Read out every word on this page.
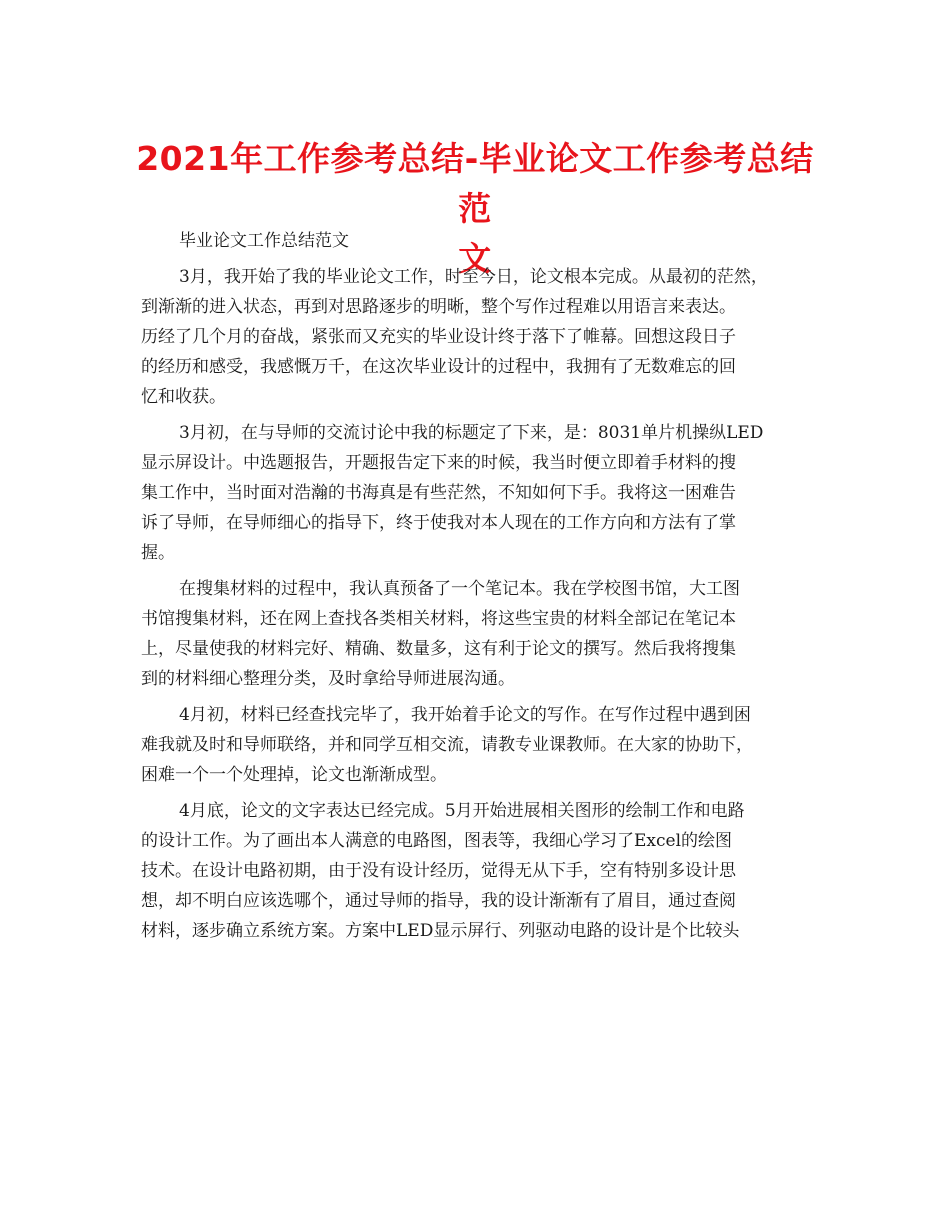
2021年工作参考总结-毕业论文工作参考总结范
文
毕业论文工作总结范文
3月，我开始了我的毕业论文工作，时至今日，论文根本完成。从最初的茫然，
到渐渐的进入状态，再到对思路逐步的明晰，整个写作过程难以用语言来表达。
历经了几个月的奋战，紧张而又充实的毕业设计终于落下了帷幕。回想这段日子
的经历和感受，我感慨万千，在这次毕业设计的过程中，我拥有了无数难忘的回
忆和收获。
3月初，在与导师的交流讨论中我的标题定了下来，是：8031单片机操纵LED
显示屏设计。中选题报告，开题报告定下来的时候，我当时便立即着手材料的搜
集工作中，当时面对浩瀚的书海真是有些茫然，不知如何下手。我将这一困难告
诉了导师，在导师细心的指导下，终于使我对本人现在的工作方向和方法有了掌
握。
在搜集材料的过程中，我认真预备了一个笔记本。我在学校图书馆，大工图
书馆搜集材料，还在网上查找各类相关材料，将这些宝贵的材料全部记在笔记本
上，尽量使我的材料完好、精确、数量多，这有利于论文的撰写。然后我将搜集
到的材料细心整理分类，及时拿给导师进展沟通。
4月初，材料已经查找完毕了，我开始着手论文的写作。在写作过程中遇到困
难我就及时和导师联络，并和同学互相交流，请教专业课教师。在大家的协助下，
困难一个一个处理掉，论文也渐渐成型。
4月底，论文的文字表达已经完成。5月开始进展相关图形的绘制工作和电路
的设计工作。为了画出本人满意的电路图，图表等，我细心学习了Excel的绘图
技术。在设计电路初期，由于没有设计经历，觉得无从下手，空有特别多设计思
想，却不明白应该选哪个，通过导师的指导，我的设计渐渐有了眉目，通过查阅
材料，逐步确立系统方案。方案中LED显示屏行、列驱动电路的设计是个比较头
